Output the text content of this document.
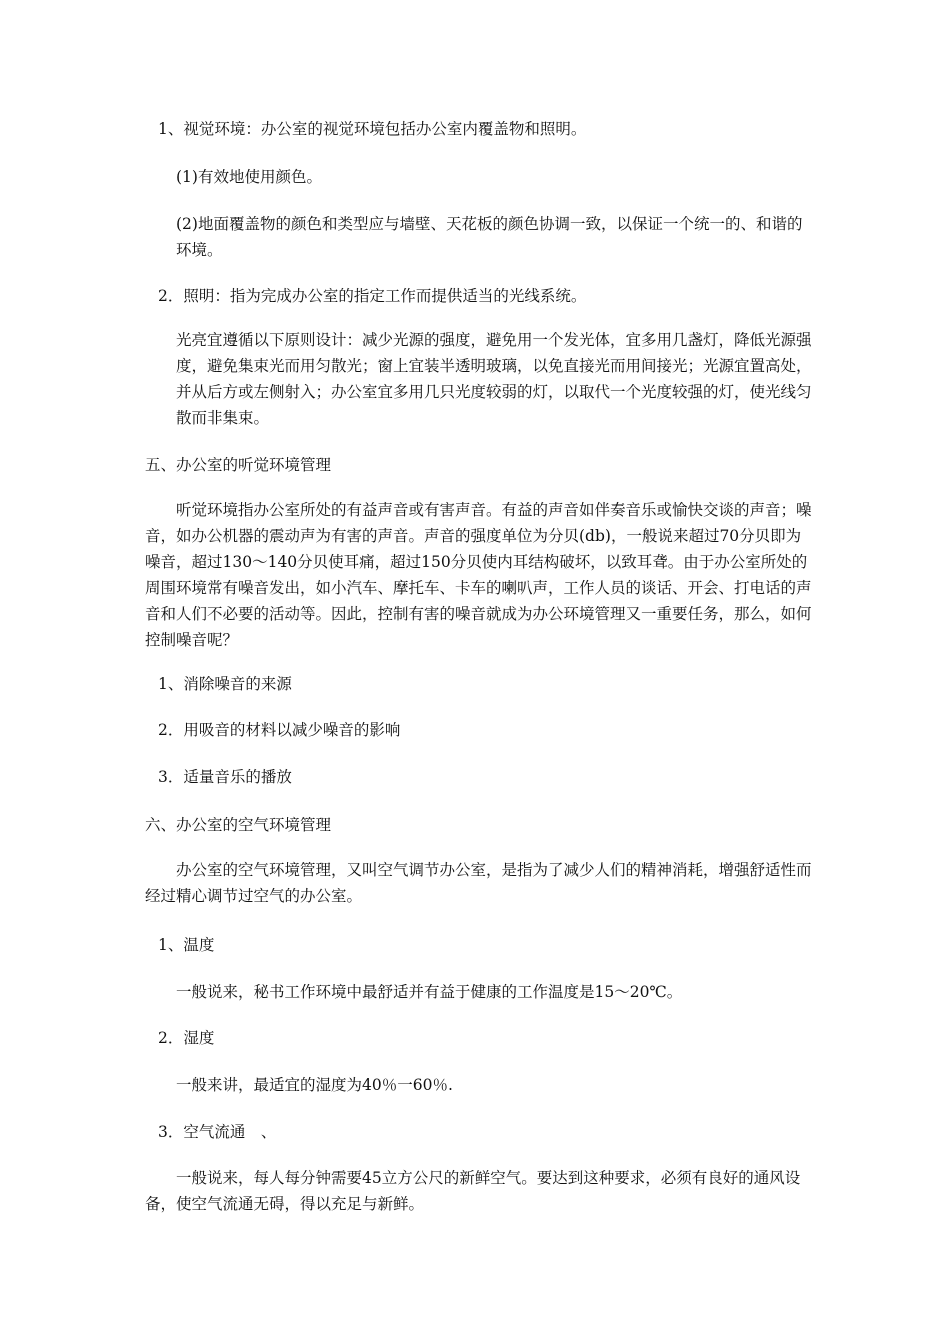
1、视觉环境：办公室的视觉环境包括办公室内覆盖物和照明。

(1)有效地使用颜色。

(2)地面覆盖物的颜色和类型应与墙壁、天花板的颜色协调一致，以保证一个统一的、和谐的环境。

2．照明：指为完成办公室的指定工作而提供适当的光线系统。

光亮宜遵循以下原则设计：减少光源的强度，避免用一个发光体，宜多用几盏灯，降低光源强度，避免集束光而用匀散光；窗上宜装半透明玻璃，以免直接光而用间接光；光源宜置高处，并从后方或左侧射入；办公室宜多用几只光度较弱的灯，以取代一个光度较强的灯，使光线匀散而非集束。

五、办公室的听觉环境管理

听觉环境指办公室所处的有益声音或有害声音。有益的声音如伴奏音乐或愉快交谈的声音；噪音，如办公机器的震动声为有害的声音。声音的强度单位为分贝(db)，一般说来超过70分贝即为噪音，超过130～140分贝使耳痛，超过150分贝使内耳结构破坏，以致耳聋。由于办公室所处的周围环境常有噪音发出，如小汽车、摩托车、卡车的喇叭声，工作人员的谈话、开会、打电话的声音和人们不必要的活动等。因此，控制有害的噪音就成为办公环境管理又一重要任务，那么，如何控制噪音呢？

1、消除噪音的来源

2．用吸音的材料以减少噪音的影响

3．适量音乐的播放

六、办公室的空气环境管理

办公室的空气环境管理，又叫空气调节办公室，是指为了减少人们的精神消耗，增强舒适性而经过精心调节过空气的办公室。

1、温度

一般说来，秘书工作环境中最舒适并有益于健康的工作温度是15～20℃。

2．湿度

一般来讲，最适宜的湿度为40％一60％.

3．空气流通　、

一般说来，每人每分钟需要45立方公尺的新鲜空气。要达到这种要求，必须有良好的通风设备，使空气流通无碍，得以充足与新鲜。
